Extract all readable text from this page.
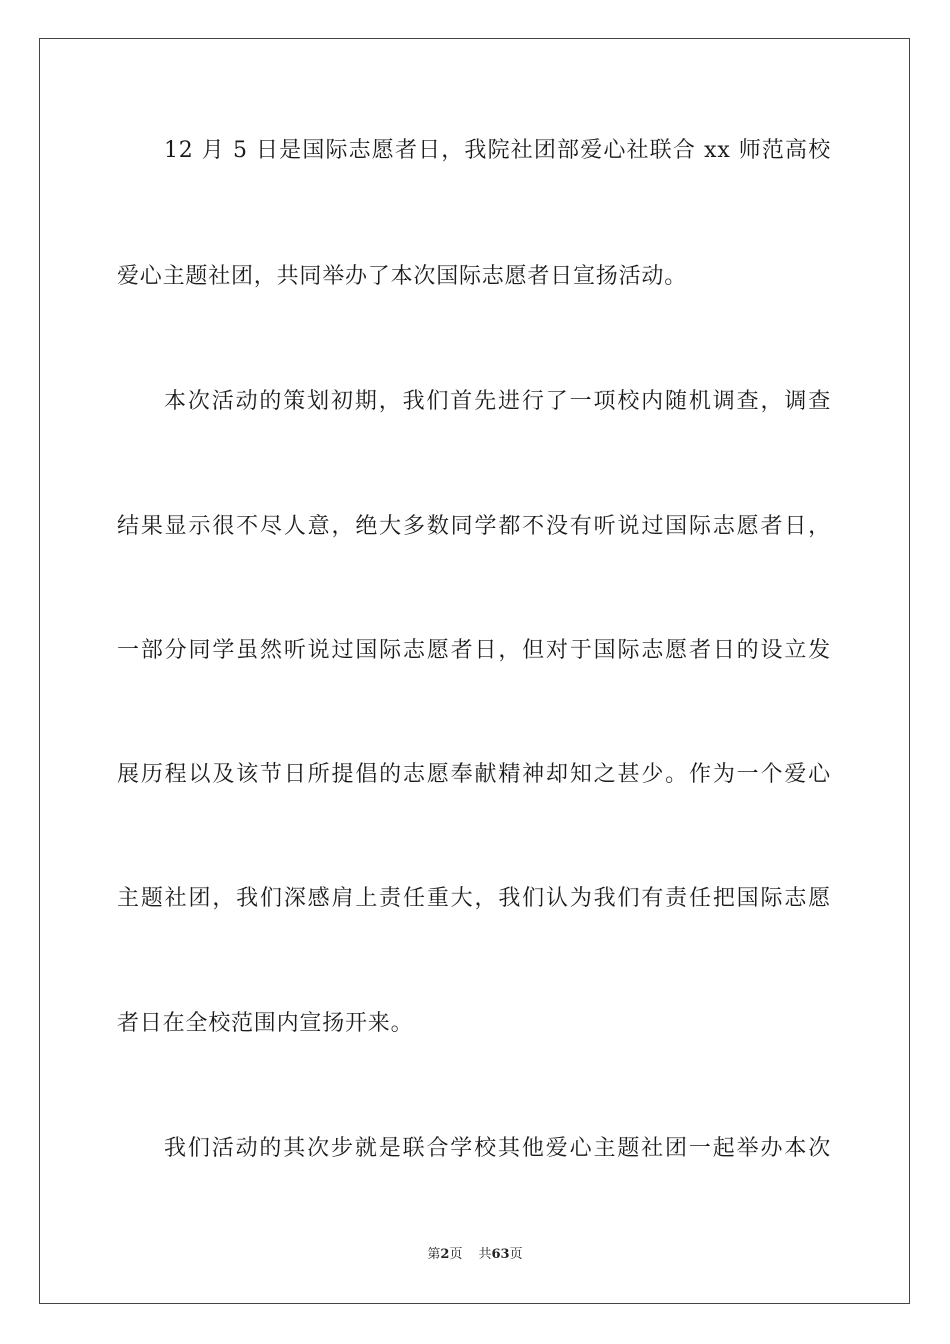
12 月 5 日是国际志愿者日，我院社团部爱心社联合 xx 师范高校
爱心主题社团，共同举办了本次国际志愿者日宣扬活动。
本次活动的策划初期，我们首先进行了一项校内随机调查，调查
结果显示很不尽人意，绝大多数同学都不没有听说过国际志愿者日，
一部分同学虽然听说过国际志愿者日，但对于国际志愿者日的设立发
展历程以及该节日所提倡的志愿奉献精神却知之甚少。作为一个爱心
主题社团，我们深感肩上责任重大，我们认为我们有责任把国际志愿
者日在全校范围内宣扬开来。
我们活动的其次步就是联合学校其他爱心主题社团一起举办本次
第2页 共63页
